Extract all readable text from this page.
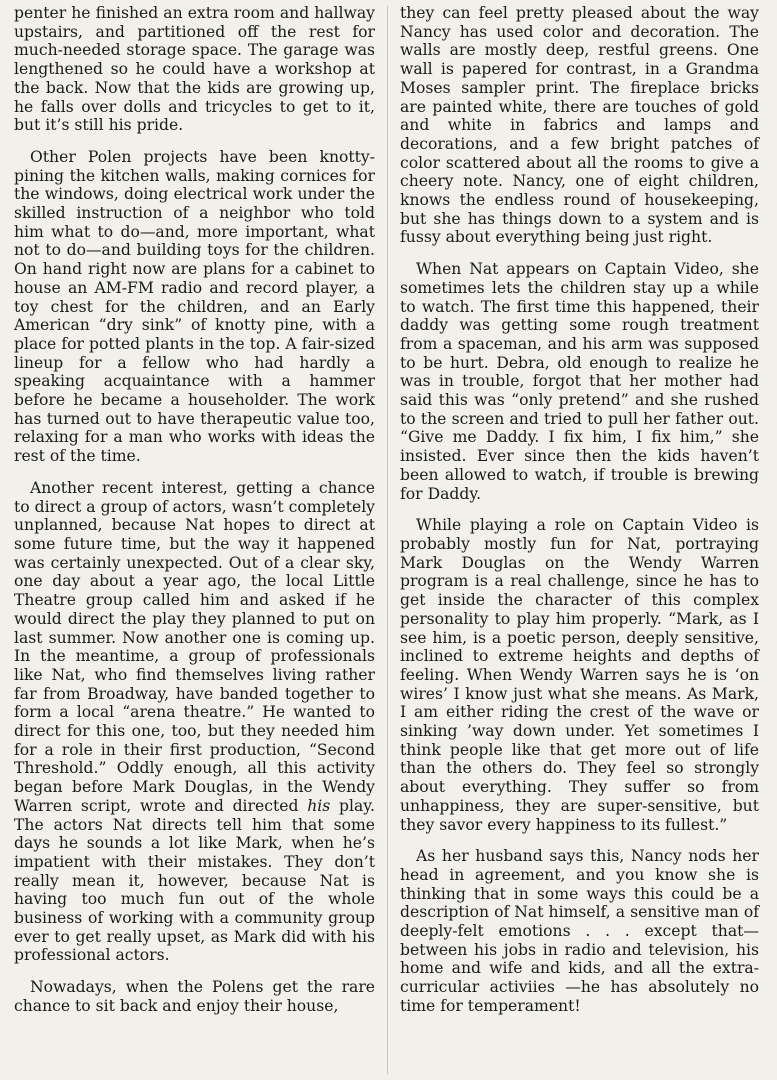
penter he finished an extra room and hallway upstairs, and partitioned off the rest for much-needed storage space. The garage was lengthened so he could have a workshop at the back. Now that the kids are growing up, he falls over dolls and tricycles to get to it, but it’s still his pride.

Other Polen projects have been knotty-pining the kitchen walls, making cornices for the windows, doing electrical work under the skilled instruction of a neighbor who told him what to do—and, more important, what not to do—and building toys for the children. On hand right now are plans for a cabinet to house an AM-FM radio and record player, a toy chest for the children, and an Early American “dry sink” of knotty pine, with a place for potted plants in the top. A fair-sized lineup for a fellow who had hardly a speaking acquaintance with a hammer before he became a householder. The work has turned out to have therapeutic value too, relaxing for a man who works with ideas the rest of the time.

Another recent interest, getting a chance to direct a group of actors, wasn’t completely unplanned, because Nat hopes to direct at some future time, but the way it happened was certainly unexpected. Out of a clear sky, one day about a year ago, the local Little Theatre group called him and asked if he would direct the play they planned to put on last summer. Now another one is coming up. In the meantime, a group of professionals like Nat, who find themselves living rather far from Broadway, have banded together to form a local “arena theatre.” He wanted to direct for this one, too, but they needed him for a role in their first production, “Second Threshold.” Oddly enough, all this activity began before Mark Douglas, in the Wendy Warren script, wrote and directed his play. The actors Nat directs tell him that some days he sounds a lot like Mark, when he’s impatient with their mistakes. They don’t really mean it, however, because Nat is having too much fun out of the whole business of working with a community group ever to get really upset, as Mark did with his professional actors.

Nowadays, when the Polens get the rare chance to sit back and enjoy their house,

they can feel pretty pleased about the way Nancy has used color and decoration. The walls are mostly deep, restful greens. One wall is papered for contrast, in a Grandma Moses sampler print. The fireplace bricks are painted white, there are touches of gold and white in fabrics and lamps and decorations, and a few bright patches of color scattered about all the rooms to give a cheery note. Nancy, one of eight children, knows the endless round of housekeeping, but she has things down to a system and is fussy about everything being just right.

When Nat appears on Captain Video, she sometimes lets the children stay up a while to watch. The first time this happened, their daddy was getting some rough treatment from a spaceman, and his arm was supposed to be hurt. Debra, old enough to realize he was in trouble, forgot that her mother had said this was “only pretend” and she rushed to the screen and tried to pull her father out. “Give me Daddy. I fix him, I fix him,” she insisted. Ever since then the kids haven’t been allowed to watch, if trouble is brewing for Daddy.

While playing a role on Captain Video is probably mostly fun for Nat, portraying Mark Douglas on the Wendy Warren program is a real challenge, since he has to get inside the character of this complex personality to play him properly. “Mark, as I see him, is a poetic person, deeply sensitive, inclined to extreme heights and depths of feeling. When Wendy Warren says he is ‘on wires’ I know just what she means. As Mark, I am either riding the crest of the wave or sinking ’way down under. Yet sometimes I think people like that get more out of life than the others do. They feel so strongly about everything. They suffer so from unhappiness, they are super-sensitive, but they savor every happiness to its fullest.”

As her husband says this, Nancy nods her head in agreement, and you know she is thinking that in some ways this could be a description of Nat himself, a sensitive man of deeply-felt emotions . . . except that—between his jobs in radio and television, his home and wife and kids, and all the extra-curricular activiies —he has absolutely no time for temperament!
